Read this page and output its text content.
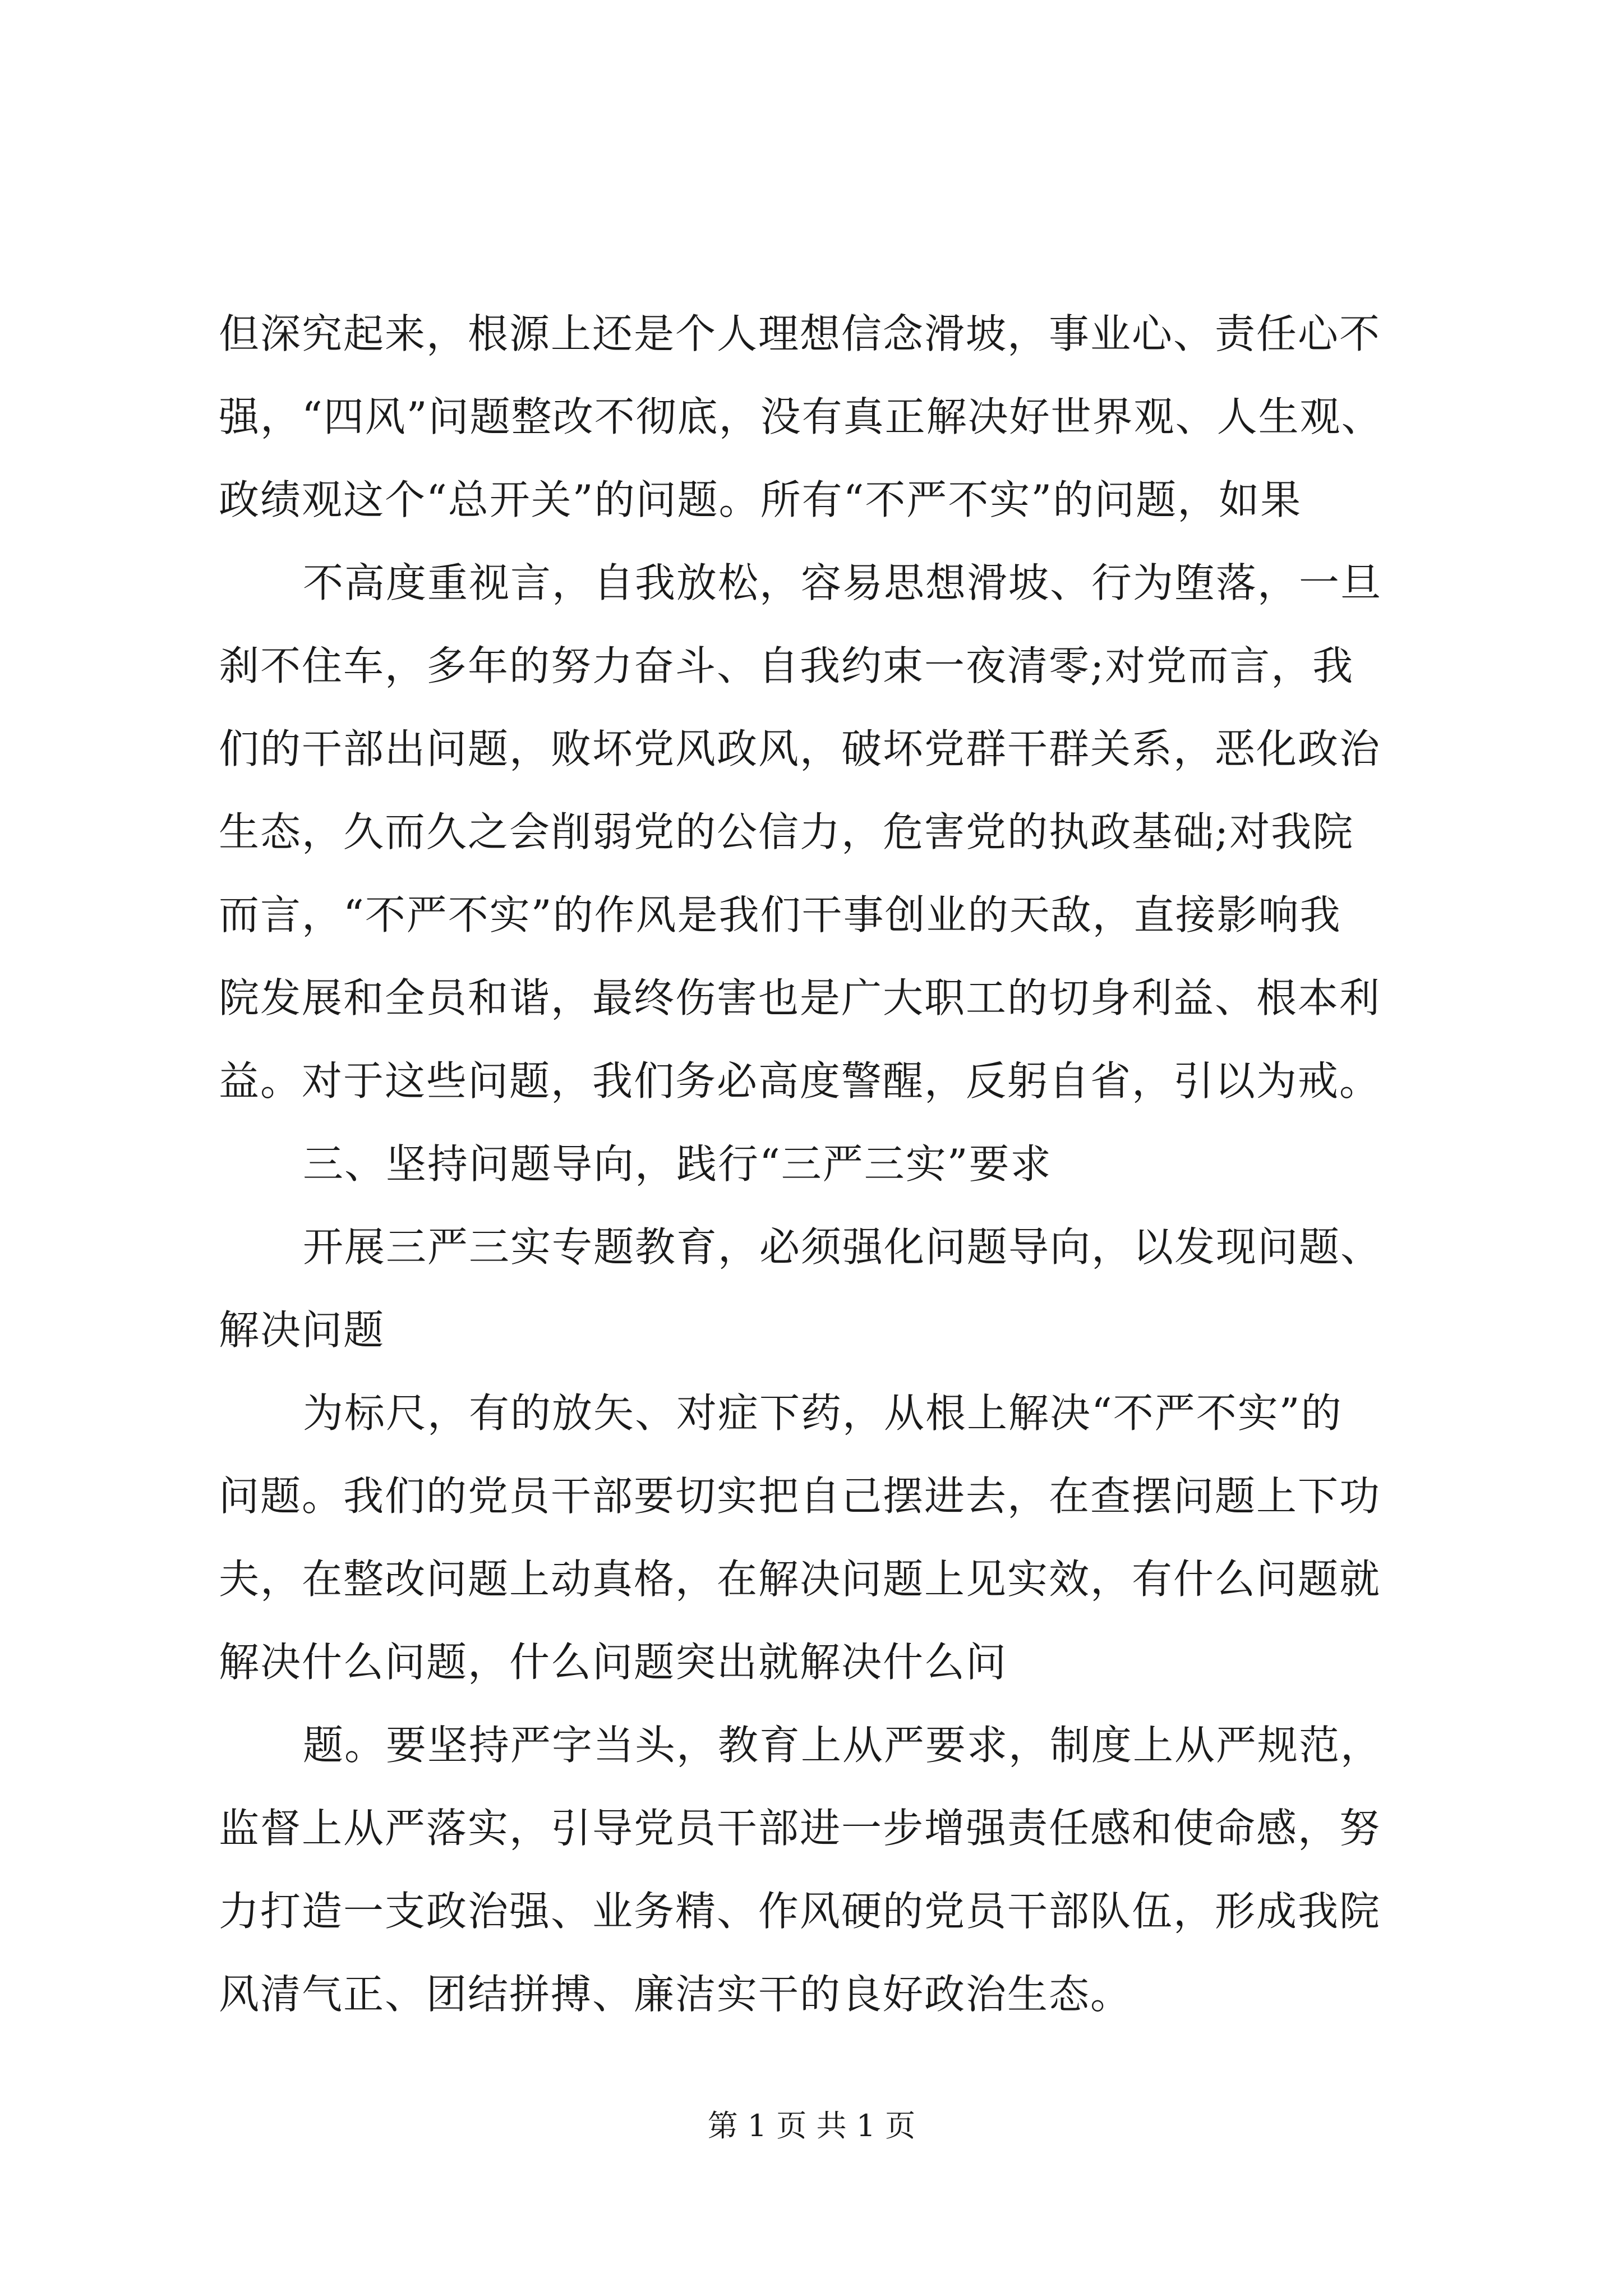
但深究起来，根源上还是个人理想信念滑坡，事业心、责任心不
强，“四风”问题整改不彻底，没有真正解决好世界观、人生观、
政绩观这个“总开关”的问题。所有“不严不实”的问题，如果
不高度重视言，自我放松，容易思想滑坡、行为堕落，一旦
刹不住车，多年的努力奋斗、自我约束一夜清零;对党而言，我
们的干部出问题，败坏党风政风，破坏党群干群关系，恶化政治
生态，久而久之会削弱党的公信力，危害党的执政基础;对我院
而言，“不严不实”的作风是我们干事创业的天敌，直接影响我
院发展和全员和谐，最终伤害也是广大职工的切身利益、根本利
益。对于这些问题，我们务必高度警醒，反躬自省，引以为戒。
三、坚持问题导向，践行“三严三实”要求
开展三严三实专题教育，必须强化问题导向，以发现问题、
解决问题
为标尺，有的放矢、对症下药，从根上解决“不严不实”的
问题。我们的党员干部要切实把自己摆进去，在查摆问题上下功
夫，在整改问题上动真格，在解决问题上见实效，有什么问题就
解决什么问题，什么问题突出就解决什么问
题。要坚持严字当头，教育上从严要求，制度上从严规范，
监督上从严落实，引导党员干部进一步增强责任感和使命感，努
力打造一支政治强、业务精、作风硬的党员干部队伍，形成我院
风清气正、团结拼搏、廉洁实干的良好政治生态。
第 1 页 共 1 页
